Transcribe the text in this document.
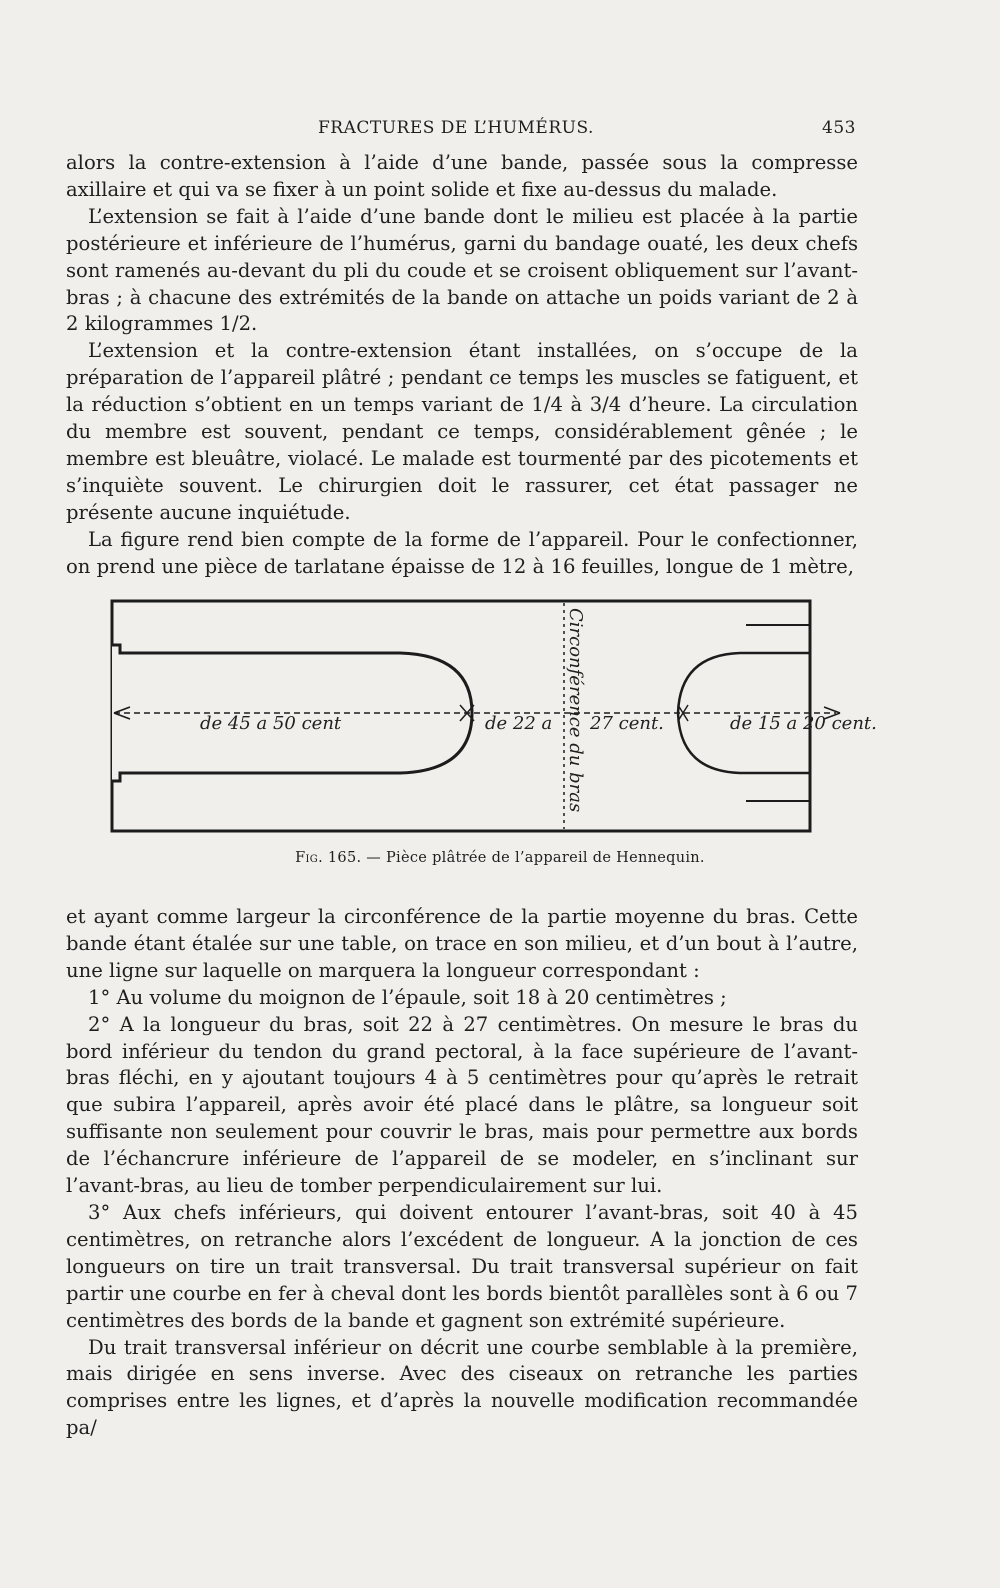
FRACTURES DE L’HUMÉRUS.	453

alors la contre-extension à l’aide d’une bande, passée sous la compresse axillaire et qui va se fixer à un point solide et fixe au-dessus du malade.

L’extension se fait à l’aide d’une bande dont le milieu est placée à la partie postérieure et inférieure de l’humérus, garni du bandage ouaté, les deux chefs sont ramenés au-devant du pli du coude et se croisent obliquement sur l’avant-bras ; à chacune des extrémités de la bande on attache un poids variant de 2 à 2 kilogrammes 1/2.

L’extension et la contre-extension étant installées, on s’occupe de la préparation de l’appareil plâtré ; pendant ce temps les muscles se fatiguent, et la réduction s’obtient en un temps variant de 1/4 à 3/4 d’heure. La circulation du membre est souvent, pendant ce temps, considérablement gênée ; le membre est bleuâtre, violacé. Le malade est tourmenté par des picotements et s’inquiète souvent. Le chirurgien doit le rassurer, cet état passager ne présente aucune inquiétude.

La figure rend bien compte de la forme de l’appareil. Pour le confectionner, on prend une pièce de tarlatane épaisse de 12 à 16 feuilles, longue de 1 mètre,

de 45 a 50 cent	de 22 a 27 cent.	de 15 a 20 cent.
Circonférence du bras
Fig. 165. — Pièce plâtrée de l’appareil de Hennequin.

et ayant comme largeur la circonférence de la partie moyenne du bras. Cette bande étant étalée sur une table, on trace en son milieu, et d’un bout à l’autre, une ligne sur laquelle on marquera la longueur correspondant :

1° Au volume du moignon de l’épaule, soit 18 à 20 centimètres ;

2° A la longueur du bras, soit 22 à 27 centimètres. On mesure le bras du bord inférieur du tendon du grand pectoral, à la face supérieure de l’avant-bras fléchi, en y ajoutant toujours 4 à 5 centimètres pour qu’après le retrait que subira l’appareil, après avoir été placé dans le plâtre, sa longueur soit suffisante non seulement pour couvrir le bras, mais pour permettre aux bords de l’échancrure inférieure de l’appareil de se modeler, en s’inclinant sur l’avant-bras, au lieu de tomber perpendiculairement sur lui.

3° Aux chefs inférieurs, qui doivent entourer l’avant-bras, soit 40 à 45 centimètres, on retranche alors l’excédent de longueur. A la jonction de ces longueurs on tire un trait transversal. Du trait transversal supérieur on fait partir une courbe en fer à cheval dont les bords bientôt parallèles sont à 6 ou 7 centimètres des bords de la bande et gagnent son extrémité supérieure.

Du trait transversal inférieur on décrit une courbe semblable à la première, mais dirigée en sens inverse. Avec des ciseaux on retranche les parties comprises entre les lignes, et d’après la nouvelle modification recommandée pa/
